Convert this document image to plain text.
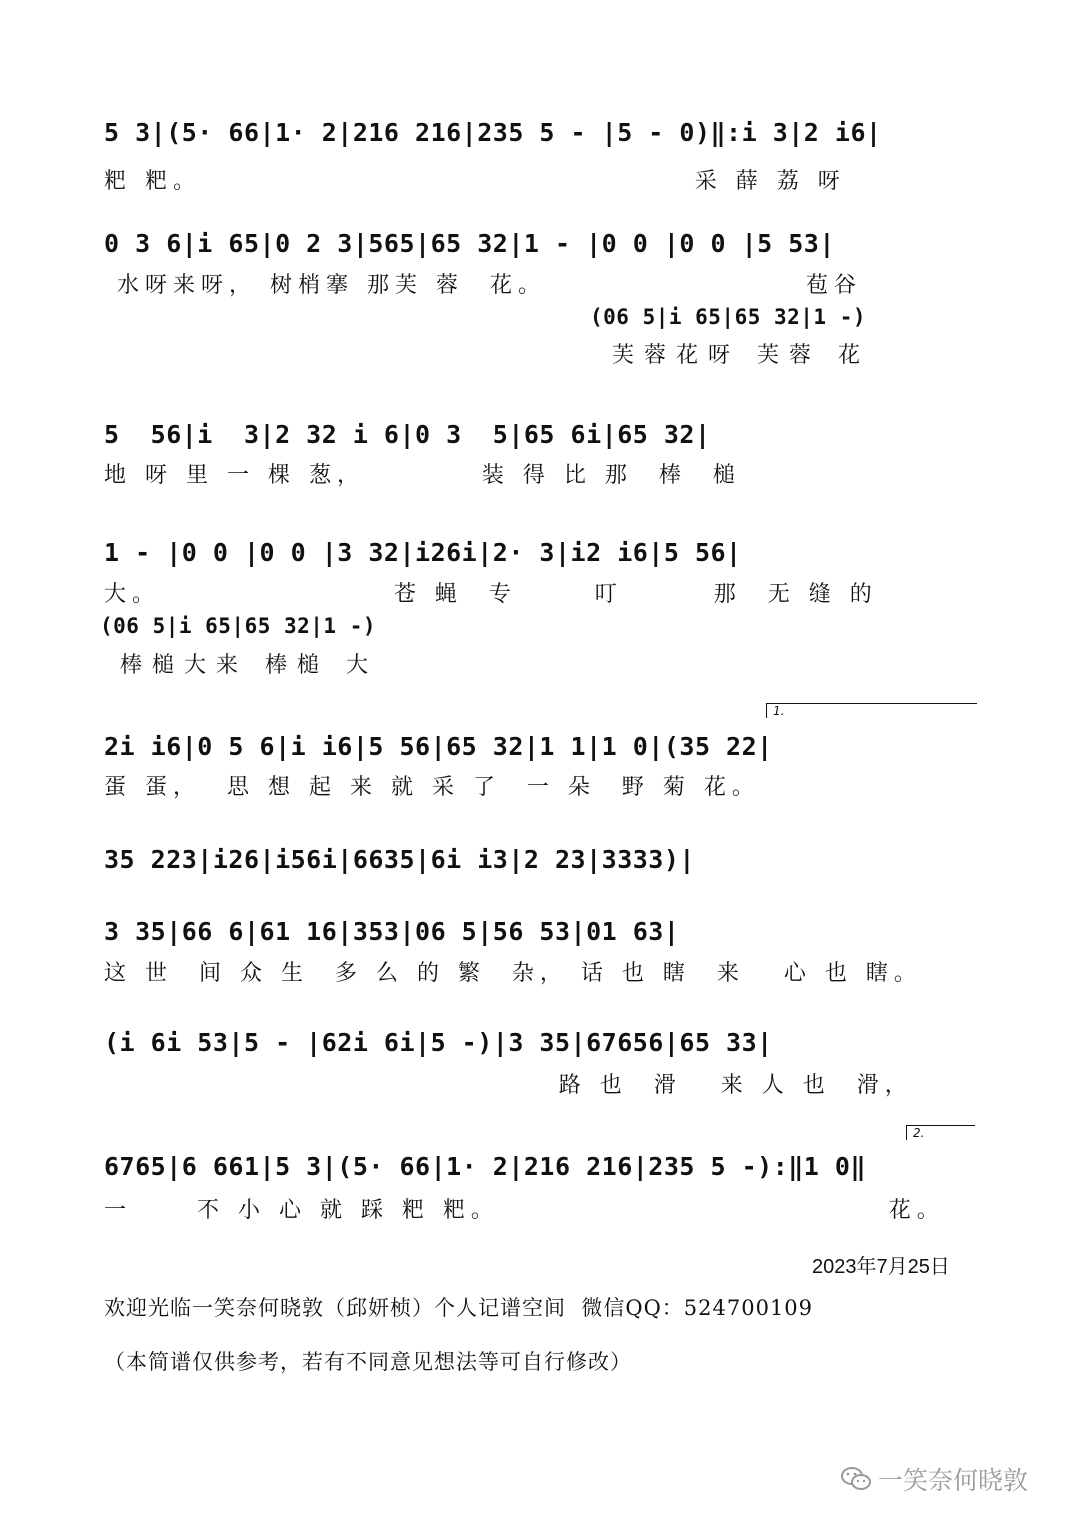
5 3|(5· 66|1· 2|216 216|235 5 - |5 - 0)‖:i 3|2 i6|
粑 粑。                                      采 薛 荔 呀
0 3 6|i 65|0 2 3|565|65 32|1 - |0 0 |0 0 |5 53|
水呀来呀， 树梢搴 那芙 蓉  花。                    苞谷
(06 5|i 65|65 32|1 -)
芙蓉花呀 芙蓉 花
5  56|i  3|2 32 i 6|0 3  5|65 6i|65 32|
地 呀 里 一 棵 葱，         装 得 比 那  棒  槌
1 - |0 0 |0 0 |3 32|i26i|2· 3|i2 i6|5 56|
大。                  苍 蝇  专      叮       那  无 缝 的
(06 5|i 65|65 32|1 -)
棒槌大来 棒槌 大
1.
2i i6|0 5 6|i i6|5 56|65 32|1 1|1 0|(35 22|
蛋 蛋，  思 想 起 来 就 采 了  一 朵  野 菊 花。
35 223|i26|i56i|6635|6i i3|2 23|3333)|
3 35|66 6|61 16|353|06 5|56 53|01 63|
这 世  间 众 生  多 么 的 繁  杂， 话 也 瞎  来   心 也 瞎。
(i 6i 53|5 - |62i 6i|5 -)|3 35|67656|65 33|
路 也  滑   来 人 也  滑，
2.
6765|6 661|5 3|(5· 66|1· 2|216 216|235 5 -):‖1 0‖
一     不 小 心 就 踩 粑 粑。                              花。
2023年7月25日
欢迎光临一笑奈何晓敦（邱妍桢）个人记谱空间  微信QQ：524700109
（本简谱仅供参考，若有不同意见想法等可自行修改）
一笑奈何晓敦
